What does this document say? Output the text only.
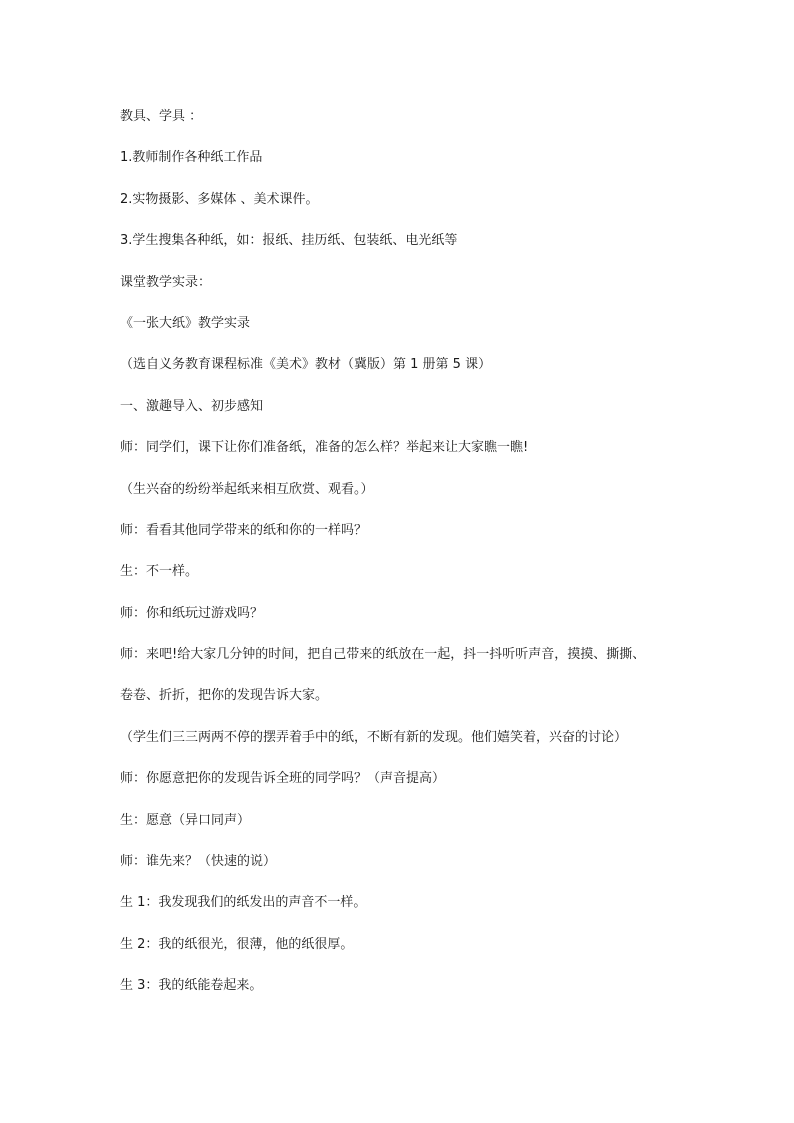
教具、学具 ：

1.教师制作各种纸工作品

2.实物摄影、多媒体 、美术课件。

3.学生搜集各种纸，如：报纸、挂历纸、包装纸、电光纸等

课堂教学实录：

《一张大纸》教学实录

（选自义务教育课程标准《美术》教材（冀版）第 1 册第 5 课）

一、激趣导入、初步感知

师：同学们，课下让你们准备纸，准备的怎么样？举起来让大家瞧一瞧!

（生兴奋的纷纷举起纸来相互欣赏、观看。）

师：看看其他同学带来的纸和你的一样吗？

生：不一样。

师：你和纸玩过游戏吗？

师：来吧!给大家几分钟的时间，把自己带来的纸放在一起，抖一抖听听声音，摸摸、撕撕、

卷卷、折折，把你的发现告诉大家。

（学生们三三两两不停的摆弄着手中的纸，不断有新的发现。他们嬉笑着，兴奋的讨论）

师：你愿意把你的发现告诉全班的同学吗？（声音提高）

生：愿意（异口同声）

师：谁先来？（快速的说）

生 1：我发现我们的纸发出的声音不一样。

生 2：我的纸很光，很薄，他的纸很厚。

生 3：我的纸能卷起来。
